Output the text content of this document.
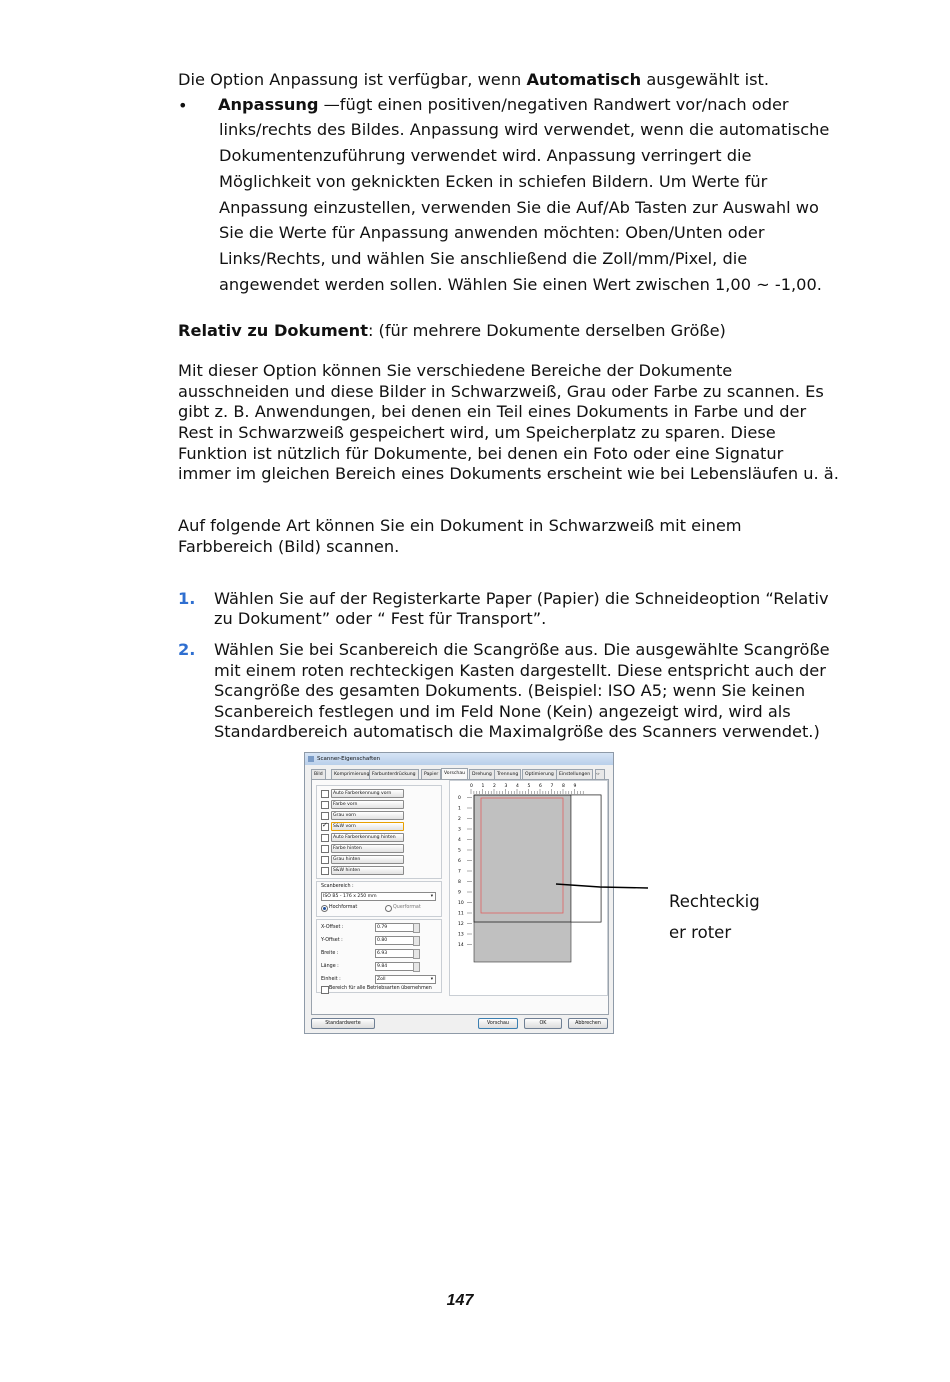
Die Option Anpassung ist verfügbar, wenn Automatisch ausgewählt ist.
• Anpassung —fügt einen positiven/negativen Randwert vor/nach oder
links/rechts des Bildes. Anpassung wird verwendet, wenn die automatische
Dokumentenzuführung verwendet wird. Anpassung verringert die
Möglichkeit von geknickten Ecken in schiefen Bildern. Um Werte für
Anpassung einzustellen, verwenden Sie die Auf/Ab Tasten zur Auswahl wo
Sie die Werte für Anpassung anwenden möchten: Oben/Unten oder
Links/Rechts, und wählen Sie anschließend die Zoll/mm/Pixel, die
angewendet werden sollen. Wählen Sie einen Wert zwischen 1,00 ~ -1,00.
Relativ zu Dokument: (für mehrere Dokumente derselben Größe)
Mit dieser Option können Sie verschiedene Bereiche der Dokumente
ausschneiden und diese Bilder in Schwarzweiß, Grau oder Farbe zu scannen. Es
gibt z. B. Anwendungen, bei denen ein Teil eines Dokuments in Farbe und der
Rest in Schwarzweiß gespeichert wird, um Speicherplatz zu sparen. Diese
Funktion ist nützlich für Dokumente, bei denen ein Foto oder eine Signatur
immer im gleichen Bereich eines Dokuments erscheint wie bei Lebensläufen u. ä.
Auf folgende Art können Sie ein Dokument in Schwarzweiß mit einem
Farbbereich (Bild) scannen.
1. Wählen Sie auf der Registerkarte Paper (Papier) die Schneideoption “Relativ
zu Dokument” oder “ Fest für Transport”.
2. Wählen Sie bei Scanbereich die Scangröße aus. Die ausgewählte Scangröße
mit einem roten rechteckigen Kasten dargestellt. Diese entspricht auch der
Scangröße des gesamten Dokuments. (Beispiel: ISO A5; wenn Sie keinen
Scanbereich festlegen und im Feld None (Kein) angezeigt wird, wird als
Standardbereich automatisch die Maximalgröße des Scanners verwendet.)
Scanner-Eigenschaften
Bild	Komprimierung Farbunterdrückung	Papier	Vorschau	Drehung	Trennung	Optimierung	Einstellungen	‹›
Auto Farberkennung vorn
Farbe vorn
Grau vorn
✓
S&W vorn
Auto Farberkennung hinten
Farbe hinten
Grau hinten
S&W hinten
Scanbereich :
ISO B5 - 176 x 250 mm	▾
Hochformat	Querformat
X-Offset :	0.79
Y-Offset :	0.80
Breite :	6.93
Länge :	9.84
Einheit :	Zoll	▾
Bereich für alle Betriebsarten übernehmen
0 1 2 3 4 5 6 7 8 9
0
1
2
3
4
5
6
7
8
9
10
11
12
13
14
Standardwerte	Vorschau	OK	Abbrechen
Rechteckig
er roter
147
